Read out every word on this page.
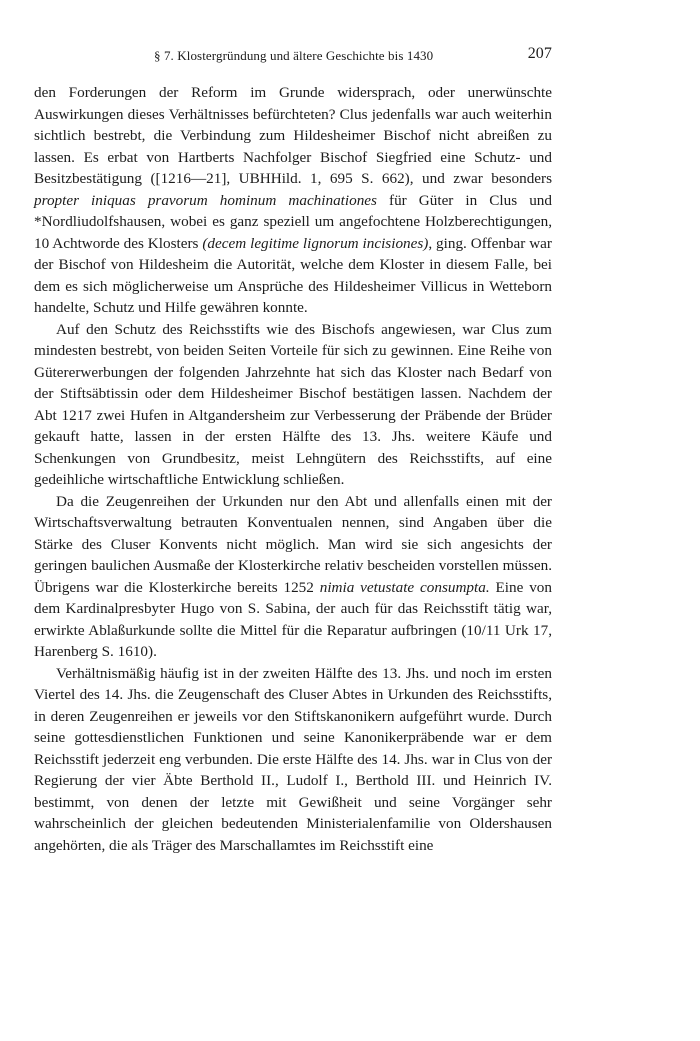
§ 7. Klostergründung und ältere Geschichte bis 1430	207

den Forderungen der Reform im Grunde widersprach, oder unerwünschte Auswirkungen dieses Verhältnisses befürchteten? Clus jedenfalls war auch weiterhin sichtlich bestrebt, die Verbindung zum Hildesheimer Bischof nicht abreißen zu lassen. Es erbat von Hartberts Nachfolger Bischof Siegfried eine Schutz- und Besitzbestätigung ([1216—21], UBHHild. 1, 695 S. 662), und zwar besonders propter iniquas pravorum hominum machinationes für Güter in Clus und *Nordliudolfshausen, wobei es ganz speziell um angefochtene Holzberechtigungen, 10 Achtworde des Klosters (decem legitime lignorum incisiones), ging. Offenbar war der Bischof von Hildesheim die Autorität, welche dem Kloster in diesem Falle, bei dem es sich möglicherweise um Ansprüche des Hildesheimer Villicus in Wetteborn handelte, Schutz und Hilfe gewähren konnte.

Auf den Schutz des Reichsstifts wie des Bischofs angewiesen, war Clus zum mindesten bestrebt, von beiden Seiten Vorteile für sich zu gewinnen. Eine Reihe von Gütererwerbungen der folgenden Jahrzehnte hat sich das Kloster nach Bedarf von der Stiftsäbtissin oder dem Hildesheimer Bischof bestätigen lassen. Nachdem der Abt 1217 zwei Hufen in Altgandersheim zur Verbesserung der Präbende der Brüder gekauft hatte, lassen in der ersten Hälfte des 13. Jhs. weitere Käufe und Schenkungen von Grundbesitz, meist Lehngütern des Reichsstifts, auf eine gedeihliche wirtschaftliche Entwicklung schließen.

Da die Zeugenreihen der Urkunden nur den Abt und allenfalls einen mit der Wirtschaftsverwaltung betrauten Konventualen nennen, sind Angaben über die Stärke des Cluser Konvents nicht möglich. Man wird sie sich angesichts der geringen baulichen Ausmaße der Klosterkirche relativ bescheiden vorstellen müssen. Übrigens war die Klosterkirche bereits 1252 nimia vetustate consumpta. Eine von dem Kardinalpresbyter Hugo von S. Sabina, der auch für das Reichsstift tätig war, erwirkte Ablaßurkunde sollte die Mittel für die Reparatur aufbringen (10/11 Urk 17, Harenberg S. 1610).

Verhältnismäßig häufig ist in der zweiten Hälfte des 13. Jhs. und noch im ersten Viertel des 14. Jhs. die Zeugenschaft des Cluser Abtes in Urkunden des Reichsstifts, in deren Zeugenreihen er jeweils vor den Stiftskanonikern aufgeführt wurde. Durch seine gottesdienstlichen Funktionen und seine Kanonikerpräbende war er dem Reichsstift jederzeit eng verbunden. Die erste Hälfte des 14. Jhs. war in Clus von der Regierung der vier Äbte Berthold II., Ludolf I., Berthold III. und Heinrich IV. bestimmt, von denen der letzte mit Gewißheit und seine Vorgänger sehr wahrscheinlich der gleichen bedeutenden Ministerialenfamilie von Oldershausen angehörten, die als Träger des Marschallamtes im Reichsstift eine
